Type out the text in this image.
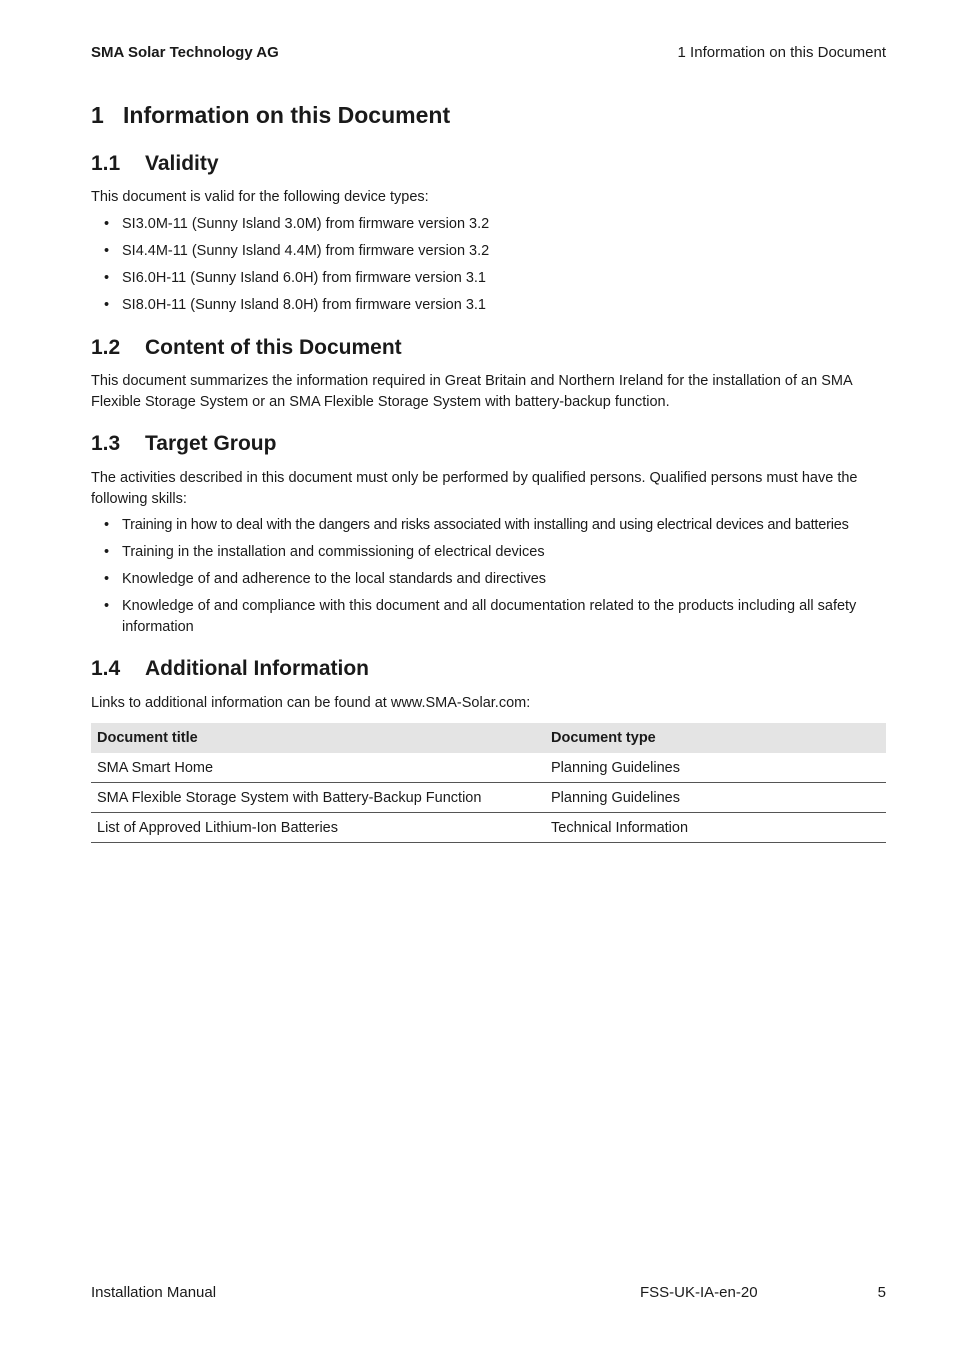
SMA Solar Technology AG	1 Information on this Document
1 Information on this Document
1.1 Validity

This document is valid for the following device types:

• SI3.0M-11 (Sunny Island 3.0M) from firmware version 3.2
• SI4.4M-11 (Sunny Island 4.4M) from firmware version 3.2
• SI6.0H-11 (Sunny Island 6.0H) from firmware version 3.1
• SI8.0H-11 (Sunny Island 8.0H) from firmware version 3.1
1.2 Content of this Document

This document summarizes the information required in Great Britain and Northern Ireland for the installation of an SMA Flexible Storage System or an SMA Flexible Storage System with battery-backup function.

1.3 Target Group

The activities described in this document must only be performed by qualified persons. Qualified persons must have the following skills:

• Training in how to deal with the dangers and risks associated with installing and using electrical devices and batteries
• Training in the installation and commissioning of electrical devices
• Knowledge of and adherence to the local standards and directives
• Knowledge of and compliance with this document and all documentation related to the products including all safety information
1.4 Additional Information

Links to additional information can be found at www.SMA-Solar.com:

Document title	Document type
SMA Smart Home	Planning Guidelines
SMA Flexible Storage System with Battery-Backup Function	Planning Guidelines
List of Approved Lithium-Ion Batteries	Technical Information
Installation Manual	FSS-UK-IA-en-20	5
